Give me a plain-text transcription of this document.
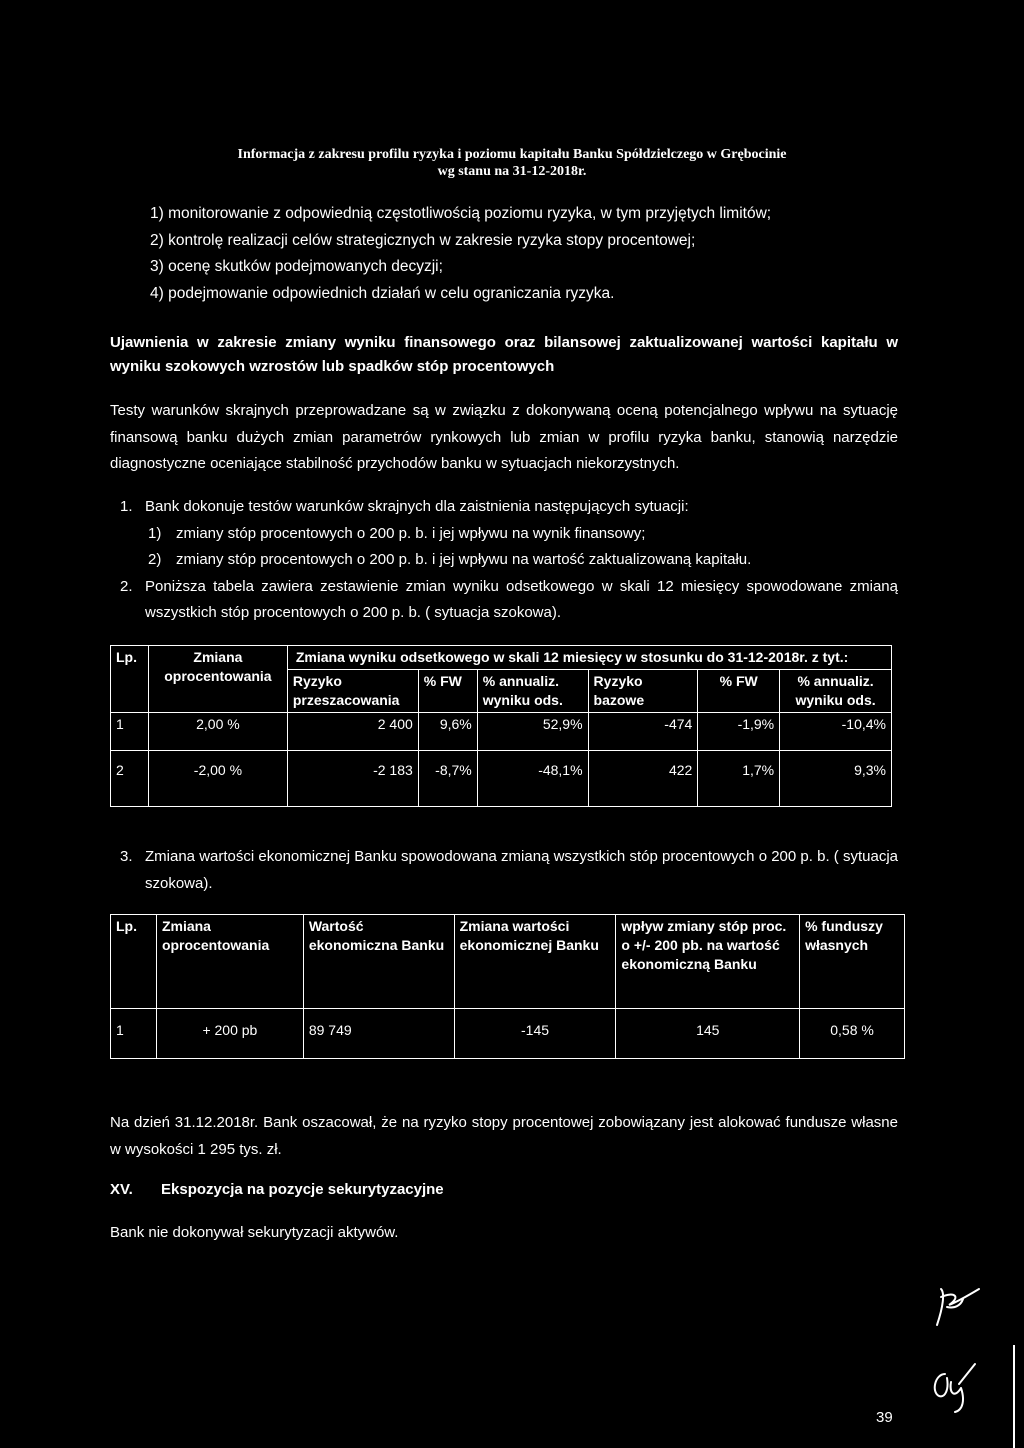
Informacja z zakresu profilu ryzyka i poziomu kapitału Banku Spółdzielczego w Grębocinie
wg stanu na 31-12-2018r.
1) monitorowanie z odpowiednią częstotliwością poziomu ryzyka, w tym przyjętych limitów;
2) kontrolę realizacji celów strategicznych w zakresie ryzyka stopy procentowej;
3) ocenę skutków podejmowanych decyzji;
4) podejmowanie odpowiednich działań w celu ograniczania ryzyka.
Ujawnienia w zakresie zmiany wyniku finansowego oraz bilansowej zaktualizowanej wartości kapitału w wyniku szokowych wzrostów lub spadków stóp procentowych
Testy warunków skrajnych przeprowadzane są w związku z dokonywaną oceną potencjalnego wpływu na sytuację finansową banku dużych zmian parametrów rynkowych lub zmian w profilu ryzyka banku, stanowią narzędzie diagnostyczne oceniające stabilność przychodów banku w sytuacjach niekorzystnych.
1. Bank dokonuje testów warunków skrajnych dla zaistnienia następujących sytuacji:
1) zmiany stóp procentowych o 200 p. b. i jej wpływu na wynik finansowy;
2) zmiany stóp procentowych o 200 p. b. i jej wpływu na wartość zaktualizowaną kapitału.
2. Poniższa tabela zawiera zestawienie zmian wyniku odsetkowego w skali 12 miesięcy spowodowane zmianą wszystkich stóp procentowych o 200 p. b. ( sytuacja szokowa).
Lp.	Zmiana oprocentowania	Zmiana wyniku odsetkowego w skali 12 miesięcy w stosunku do 31-12-2018r. z tyt.:					
		Ryzyko przeszacowania	% FW	% annualiz. wyniku ods.	Ryzyko bazowe	% FW	% annualiz. wyniku ods.
1	2,00 %	2 400	9,6%	52,9%	-474	-1,9%	-10,4%
2	-2,00 %	-2 183	-8,7%	-48,1%	422	1,7%	9,3%
3. Zmiana wartości ekonomicznej Banku spowodowana zmianą wszystkich stóp procentowych o 200 p. b. ( sytuacja szokowa).
Lp.	Zmiana oprocentowania	Wartość ekonomiczna Banku	Zmiana wartości ekonomicznej Banku	wpływ zmiany stóp proc. o +/- 200 pb. na wartość ekonomiczną Banku	% funduszy własnych
1	+ 200 pb	89 749	-145	145	0,58 %
Na dzień 31.12.2018r. Bank oszacował, że na ryzyko stopy procentowej zobowiązany jest alokować fundusze własne w wysokości 1 295 tys. zł.
XV.	Ekspozycja na pozycje sekurytyzacyjne
Bank nie dokonywał sekurytyzacji aktywów.
39
